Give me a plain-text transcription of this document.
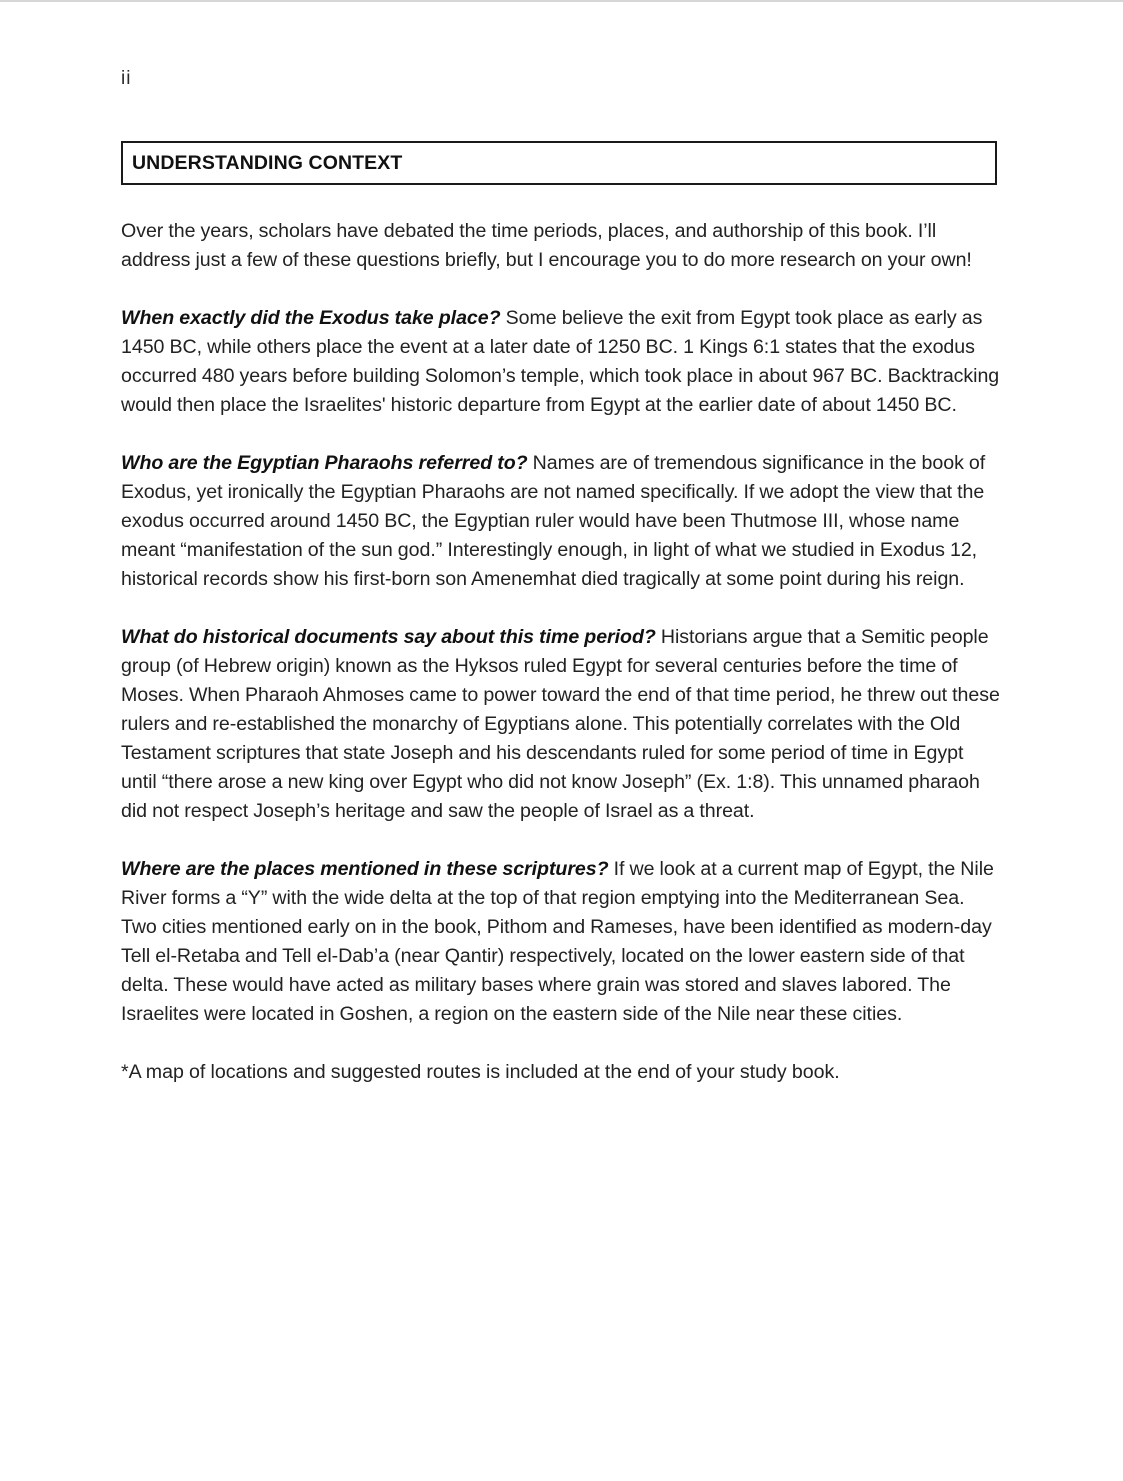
ii
UNDERSTANDING CONTEXT

Over the years, scholars have debated the time periods, places, and authorship of this book. I’ll address just a few of these questions briefly, but I encourage you to do more research on your own!

When exactly did the Exodus take place? Some believe the exit from Egypt took place as early as 1450 BC, while others place the event at a later date of 1250 BC. 1 Kings 6:1 states that the exodus occurred 480 years before building Solomon’s temple, which took place in about 967 BC. Backtracking would then place the Israelites' historic departure from Egypt at the earlier date of about 1450 BC.

Who are the Egyptian Pharaohs referred to? Names are of tremendous significance in the book of Exodus, yet ironically the Egyptian Pharaohs are not named specifically. If we adopt the view that the exodus occurred around 1450 BC, the Egyptian ruler would have been Thutmose III, whose name meant “manifestation of the sun god.” Interestingly enough, in light of what we studied in Exodus 12, historical records show his first-born son Amenemhat died tragically at some point during his reign.

What do historical documents say about this time period? Historians argue that a Semitic people group (of Hebrew origin) known as the Hyksos ruled Egypt for several centuries before the time of Moses. When Pharaoh Ahmoses came to power toward the end of that time period, he threw out these rulers and re-established the monarchy of Egyptians alone. This potentially correlates with the Old Testament scriptures that state Joseph and his descendants ruled for some period of time in Egypt until “there arose a new king over Egypt who did not know Joseph” (Ex. 1:8). This unnamed pharaoh did not respect Joseph’s heritage and saw the people of Israel as a threat.

Where are the places mentioned in these scriptures? If we look at a current map of Egypt, the Nile River forms a “Y” with the wide delta at the top of that region emptying into the Mediterranean Sea. Two cities mentioned early on in the book, Pithom and Rameses, have been identified as modern-day Tell el-Retaba and Tell el-Dab’a (near Qantir) respectively, located on the lower eastern side of that delta. These would have acted as military bases where grain was stored and slaves labored. The Israelites were located in Goshen, a region on the eastern side of the Nile near these cities.

*A map of locations and suggested routes is included at the end of your study book.
